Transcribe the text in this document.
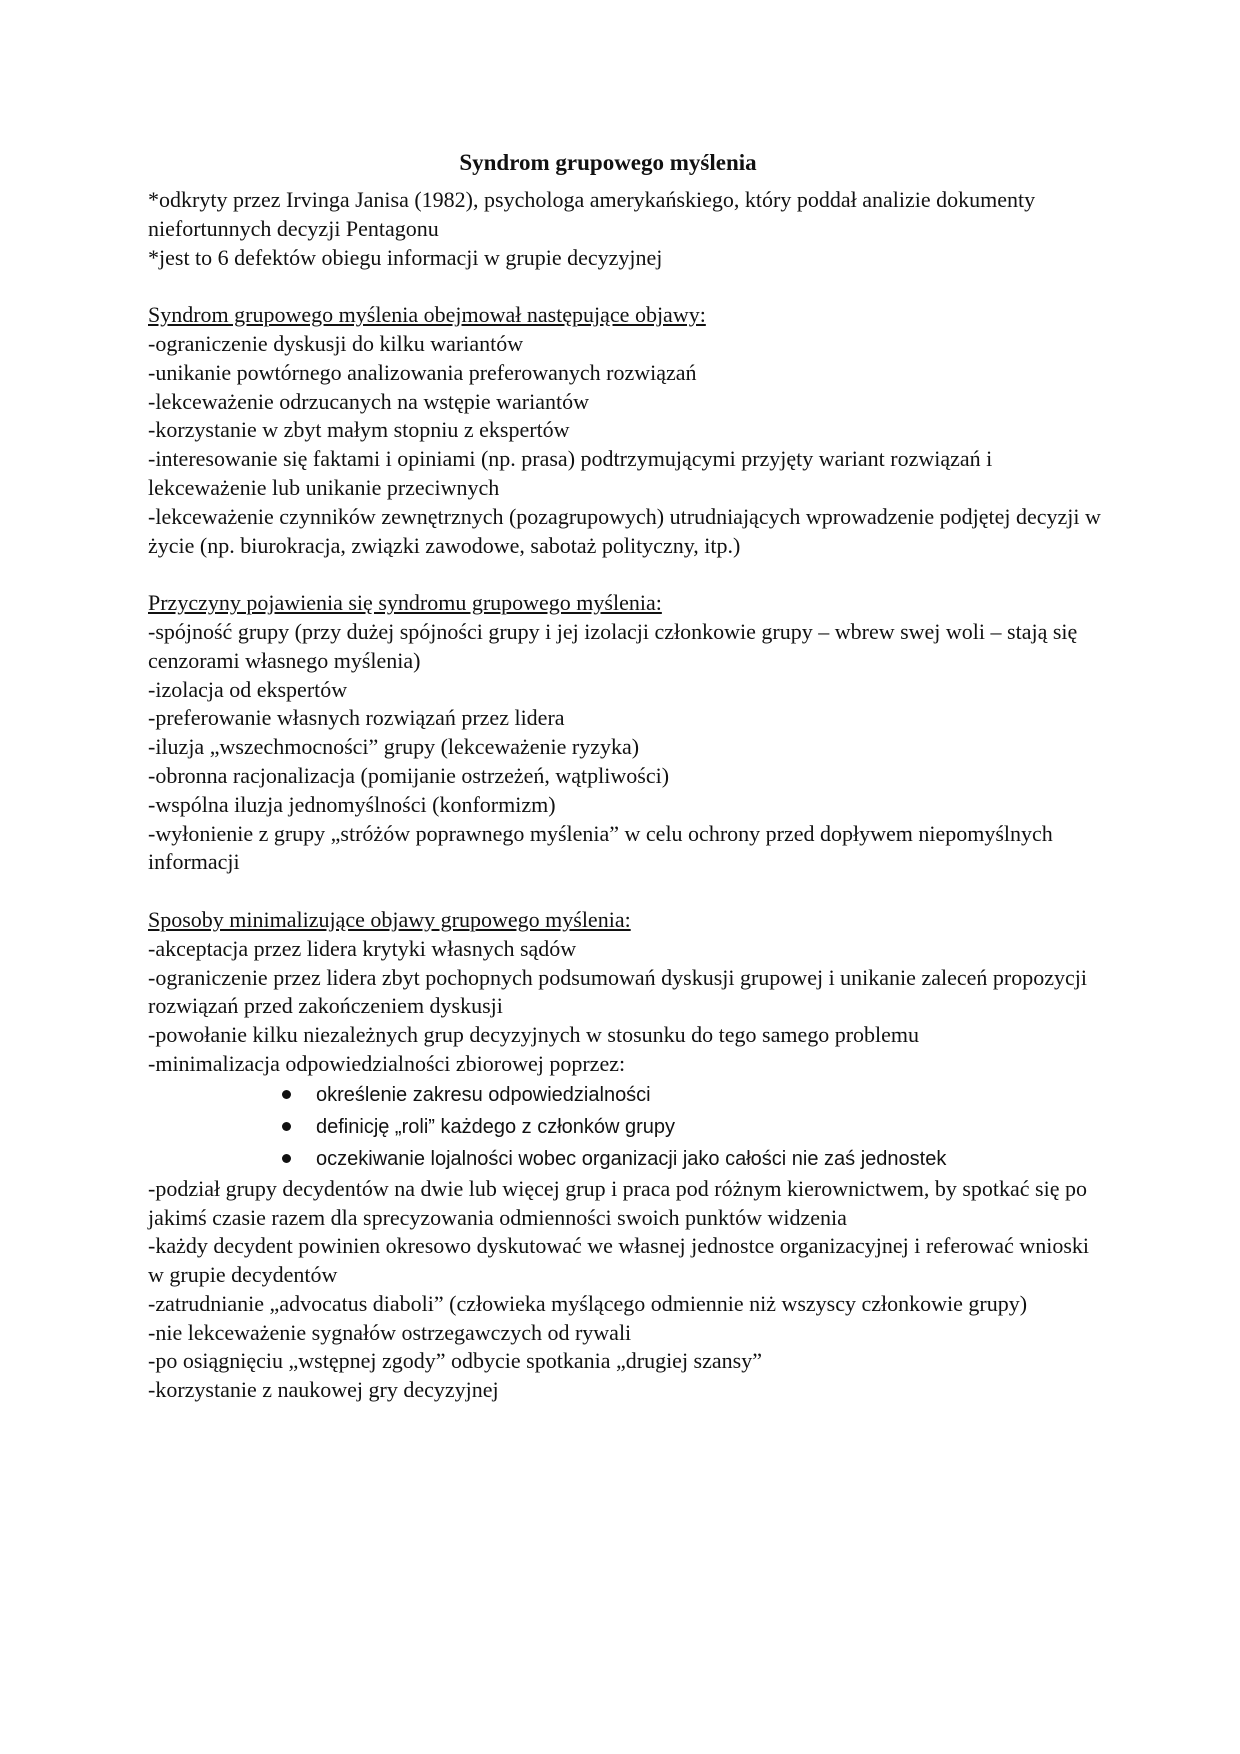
Syndrom grupowego myślenia

*odkryty przez Irvinga Janisa (1982), psychologa amerykańskiego, który poddał analizie dokumenty niefortunnych decyzji Pentagonu

*jest to 6 defektów obiegu informacji w grupie decyzyjnej

Syndrom grupowego myślenia obejmował następujące objawy:

-ograniczenie dyskusji do kilku wariantów

-unikanie powtórnego analizowania preferowanych rozwiązań

-lekceważenie odrzucanych na wstępie wariantów

-korzystanie w zbyt małym stopniu z ekspertów

-interesowanie się faktami i opiniami (np. prasa) podtrzymującymi przyjęty wariant rozwiązań i lekceważenie lub unikanie przeciwnych

-lekceważenie czynników zewnętrznych (pozagrupowych) utrudniających wprowadzenie podjętej decyzji w życie (np. biurokracja, związki zawodowe, sabotaż polityczny, itp.)

Przyczyny pojawienia się syndromu grupowego myślenia:

-spójność grupy (przy dużej spójności grupy i jej izolacji członkowie grupy – wbrew swej woli – stają się cenzorami własnego myślenia)

-izolacja od ekspertów

-preferowanie własnych rozwiązań przez lidera

-iluzja „wszechmocności” grupy (lekceważenie ryzyka)

-obronna racjonalizacja (pomijanie ostrzeżeń, wątpliwości)

-wspólna iluzja jednomyślności (konformizm)

-wyłonienie z grupy „stróżów poprawnego myślenia” w celu ochrony przed dopływem niepomyślnych informacji

Sposoby minimalizujące objawy grupowego myślenia:

-akceptacja przez lidera krytyki własnych sądów

-ograniczenie przez lidera zbyt pochopnych podsumowań dyskusji grupowej i unikanie zaleceń propozycji rozwiązań przed zakończeniem dyskusji

-powołanie kilku niezależnych grup decyzyjnych w stosunku do tego samego problemu

-minimalizacja odpowiedzialności zbiorowej poprzez:

określenie zakresu odpowiedzialności
definicję „roli” każdego z członków grupy
oczekiwanie lojalności wobec organizacji jako całości nie zaś jednostek

-podział grupy decydentów na dwie lub więcej grup i praca pod różnym kierownictwem, by spotkać się po jakimś czasie razem dla sprecyzowania odmienności swoich punktów widzenia

-każdy decydent powinien okresowo dyskutować we własnej jednostce organizacyjnej i referować wnioski w grupie decydentów

-zatrudnianie „advocatus diaboli” (człowieka myślącego odmiennie niż wszyscy członkowie grupy)

-nie lekceważenie sygnałów ostrzegawczych od rywali

-po osiągnięciu „wstępnej zgody” odbycie spotkania „drugiej szansy”

-korzystanie z naukowej gry decyzyjnej
